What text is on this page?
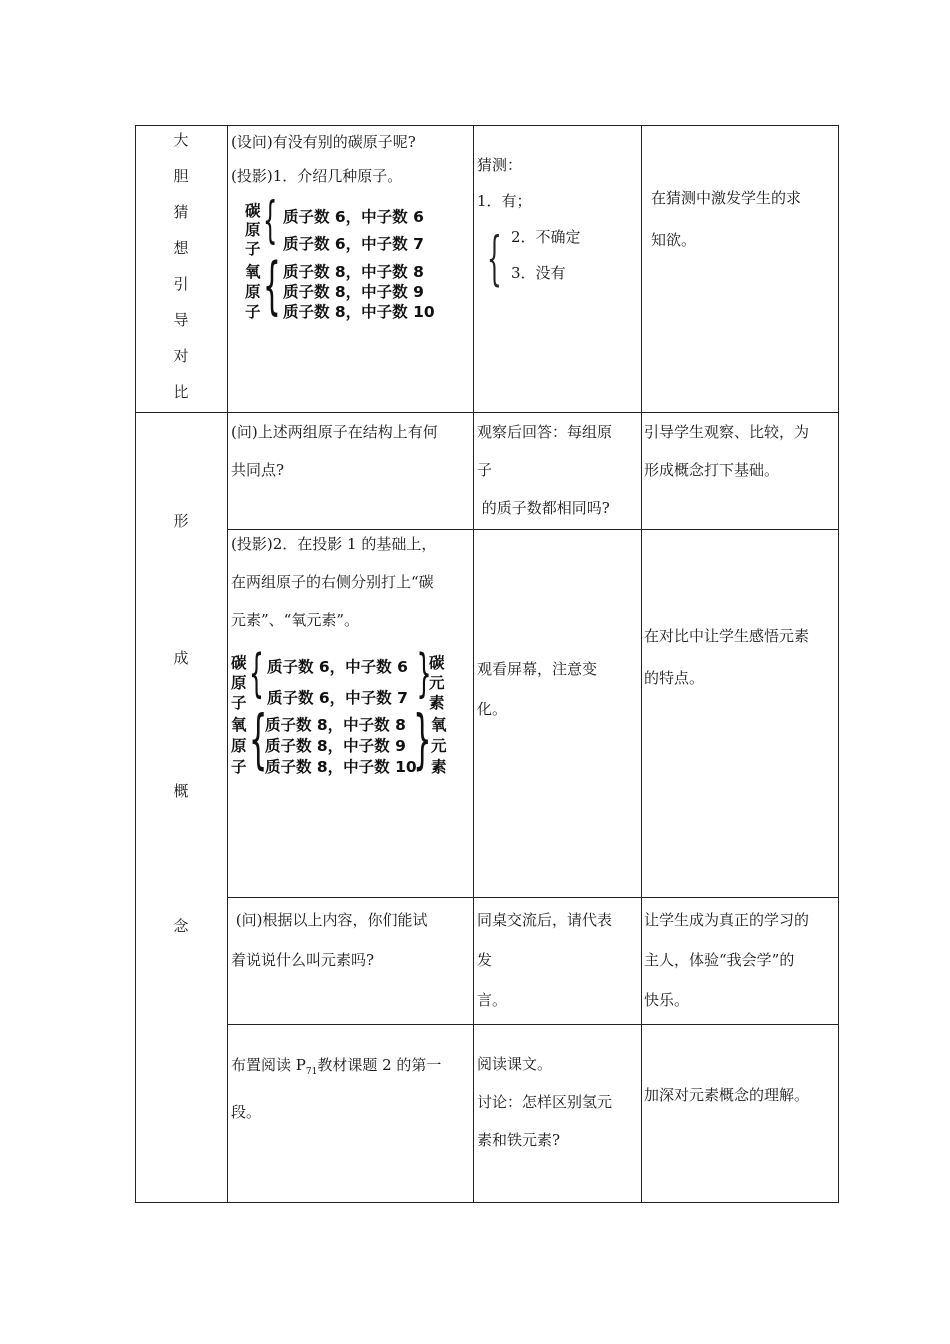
大
胆
猜
想
引
导
对
比

(设问)有没有别的碳原子呢?

(投影)1．介绍几种原子。

碳
原
子 { 质子数 6，中子数 6
质子数 6，中子数 7
氧
原
子 { 质子数 8，中子数 8
质子数 8，中子数 9
质子数 8，中子数 10

猜测：

1．有；

2．不确定

3．没有

{

在猜测中激发学生的求

知欲。

形
成
概
念

(问)上述两组原子在结构上有何

共同点?

观察后回答：每组原

子

的质子数都相同吗?

引导学生观察、比较，为

形成概念打下基础。

(投影)2．在投影 1 的基础上，

在两组原子的右侧分别打上“碳

元素”、“氧元素”。

碳
原
子 { 质子数 6，中子数 6
质子数 6，中子数 7 {
碳
元
素
氧
原
子 {
质子数 8，中子数 8
质子数 8，中子数 9
质子数 8，中子数 10
{ 氧
元
素

观看屏幕，注意变

化。

在对比中让学生感悟元素

的特点。

(问)根据以上内容，你们能试

着说说什么叫元素吗?

同桌交流后，请代表

发

言。

让学生成为真正的学习的

主人，体验“我会学”的

快乐。

布置阅读 $P_{71}$教材课题 2 的第一

段。

阅读课文。

讨论：怎样区别氢元

素和铁元素?

加深对元素概念的理解。
